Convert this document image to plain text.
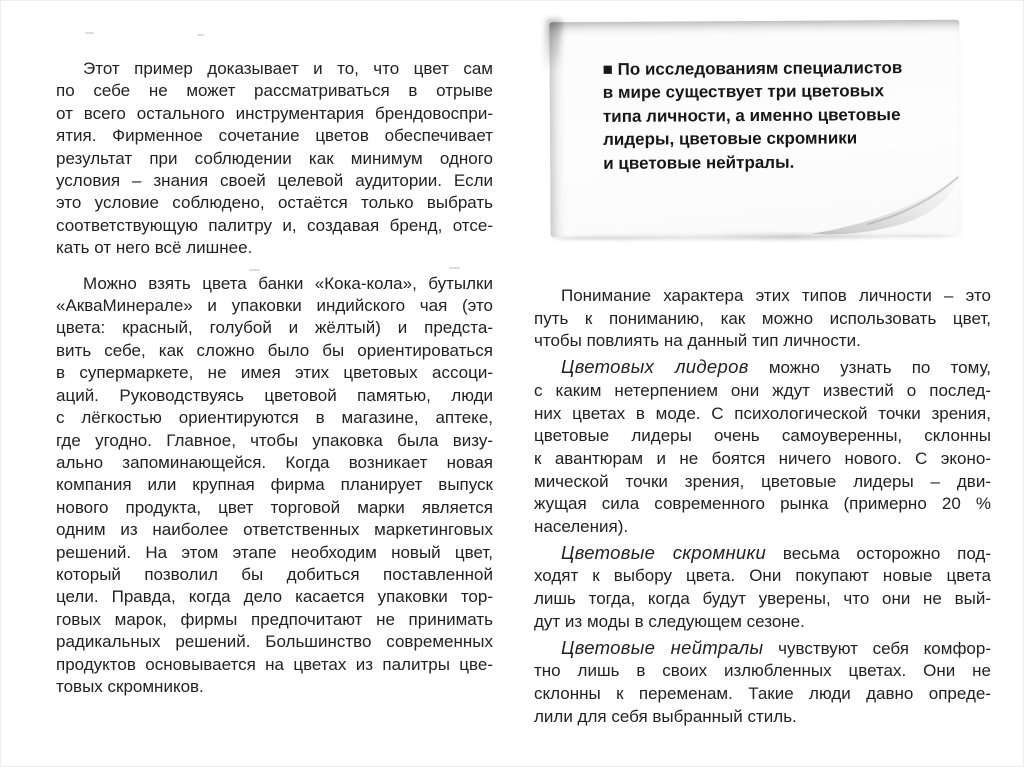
Этот пример доказывает и то, что цвет сам
по себе не может рассматриваться в отрыве
от всего остального инструментария брендовоспри-
ятия. Фирменное сочетание цветов обеспечивает
результат при соблюдении как минимум одного
условия – знания своей целевой аудитории. Если
это условие соблюдено, остаётся только выбрать
соответствующую палитру и, создавая бренд, отсе-
кать от него всё лишнее.
Можно взять цвета банки «Кока-кола», бутылки
«АкваМинерале» и упаковки индийского чая (это
цвета: красный, голубой и жёлтый) и предста-
вить себе, как сложно было бы ориентироваться
в супермаркете, не имея этих цветовых ассоци-
аций. Руководствуясь цветовой памятью, люди
с лёгкостью ориентируются в магазине, аптеке,
где угодно. Главное, чтобы упаковка была визу-
ально запоминающейся. Когда возникает новая
компания или крупная фирма планирует выпуск
нового продукта, цвет торговой марки является
одним из наиболее ответственных маркетинговых
решений. На этом этапе необходим новый цвет,
который позволил бы добиться поставленной
цели. Правда, когда дело касается упаковки тор-
говых марок, фирмы предпочитают не принимать
радикальных решений. Большинство современных
продуктов основывается на цветах из палитры цве-
товых скромников.
■ По исследованиям специалистов
в мире существует три цветовых
типа личности, а именно цветовые
лидеры, цветовые скромники
и цветовые нейтралы.
Понимание характера этих типов личности – это
путь к пониманию, как можно использовать цвет,
чтобы повлиять на данный тип личности.
Цветовых лидеров можно узнать по тому,
с каким нетерпением они ждут известий о послед-
них цветах в моде. С психологической точки зрения,
цветовые лидеры очень самоуверенны, склонны
к авантюрам и не боятся ничего нового. С эконо-
мической точки зрения, цветовые лидеры – дви-
жущая сила современного рынка (примерно 20 %
населения).
Цветовые скромники весьма осторожно под-
ходят к выбору цвета. Они покупают новые цвета
лишь тогда, когда будут уверены, что они не вый-
дут из моды в следующем сезоне.
Цветовые нейтралы чувствуют себя комфор-
тно лишь в своих излюбленных цветах. Они не
склонны к переменам. Такие люди давно опреде-
лили для себя выбранный стиль.
